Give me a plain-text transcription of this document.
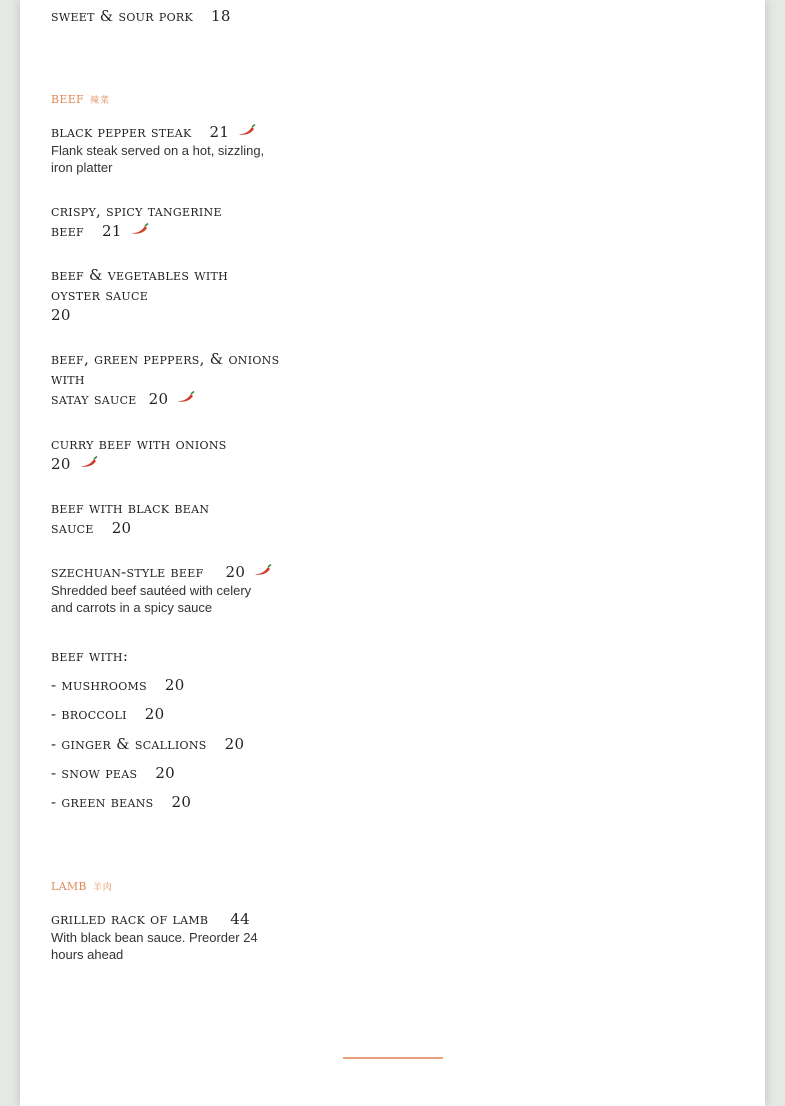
sweet & sour pork 18
beef 辣菜
black pepper steak 21
Flank steak served on a hot, sizzling, iron platter
crispy, spicy tangerine
beef 21
beef & vegetables with
oyster sauce
20
beef, green peppers, & onions
with
satay sauce 20
curry beef with onions
20
beef with black bean
sauce 20
szechuan-style beef 20
Shredded beef sautéed with celery and carrots in a spicy sauce
beef with:
- mushrooms 20
- broccoli 20
- ginger & scallions 20
- snow peas 20
- green beans 20
lamb 羊肉
grilled rack of lamb 44
With black bean sauce. Preorder 24 hours ahead
